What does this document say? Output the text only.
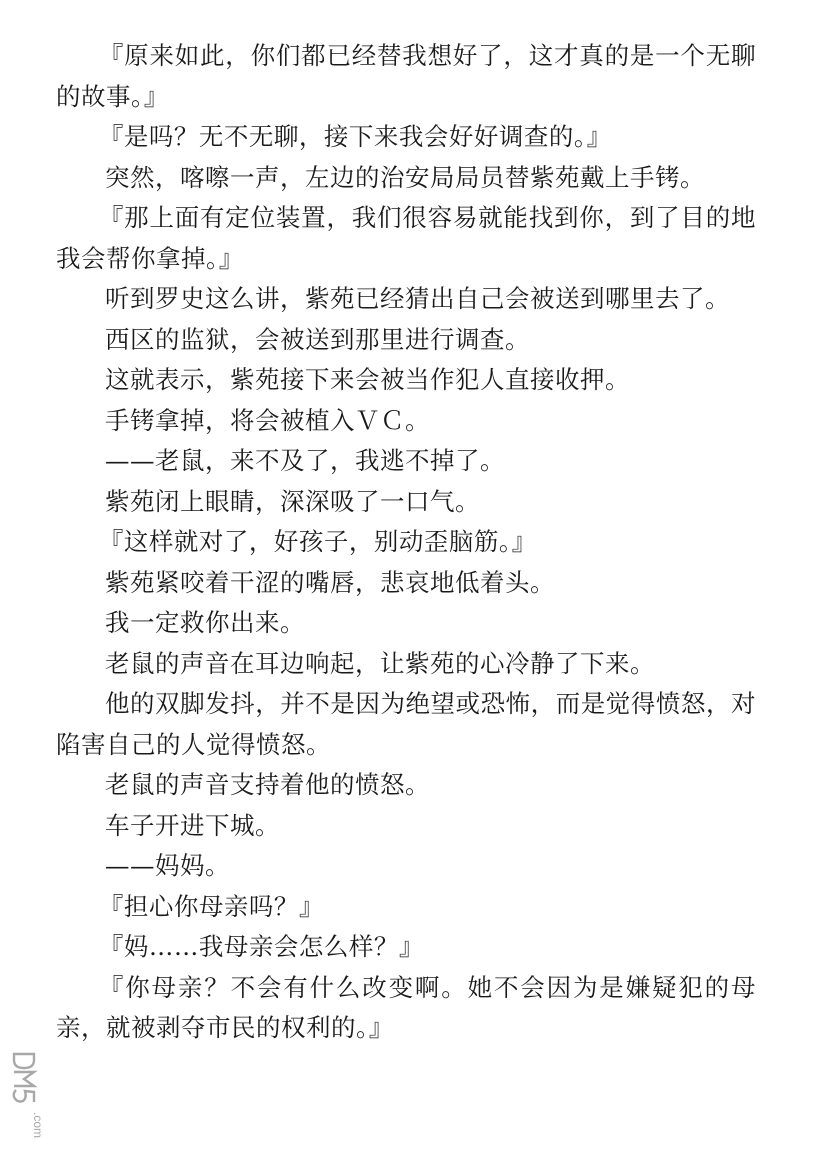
『原来如此，你们都已经替我想好了，这才真的是一个无聊的故事。』

『是吗？无不无聊，接下来我会好好调查的。』

突然，喀嚓一声，左边的治安局局员替紫苑戴上手铐。

『那上面有定位装置，我们很容易就能找到你，到了目的地我会帮你拿掉。』

听到罗史这么讲，紫苑已经猜出自己会被送到哪里去了。

西区的监狱，会被送到那里进行调查。

这就表示，紫苑接下来会被当作犯人直接收押。

手铐拿掉，将会被植入ＶＣ。

——老鼠，来不及了，我逃不掉了。

紫苑闭上眼睛，深深吸了一口气。

『这样就对了，好孩子，别动歪脑筋。』

紫苑紧咬着干涩的嘴唇，悲哀地低着头。

我一定救你出来。

老鼠的声音在耳边响起，让紫苑的心冷静了下来。

他的双脚发抖，并不是因为绝望或恐怖，而是觉得愤怒，对陷害自己的人觉得愤怒。

老鼠的声音支持着他的愤怒。

车子开进下城。

——妈妈。

『担心你母亲吗？』

『妈……我母亲会怎么样？』

『你母亲？不会有什么改变啊。她不会因为是嫌疑犯的母亲，就被剥夺市民的权利的。』

.com
